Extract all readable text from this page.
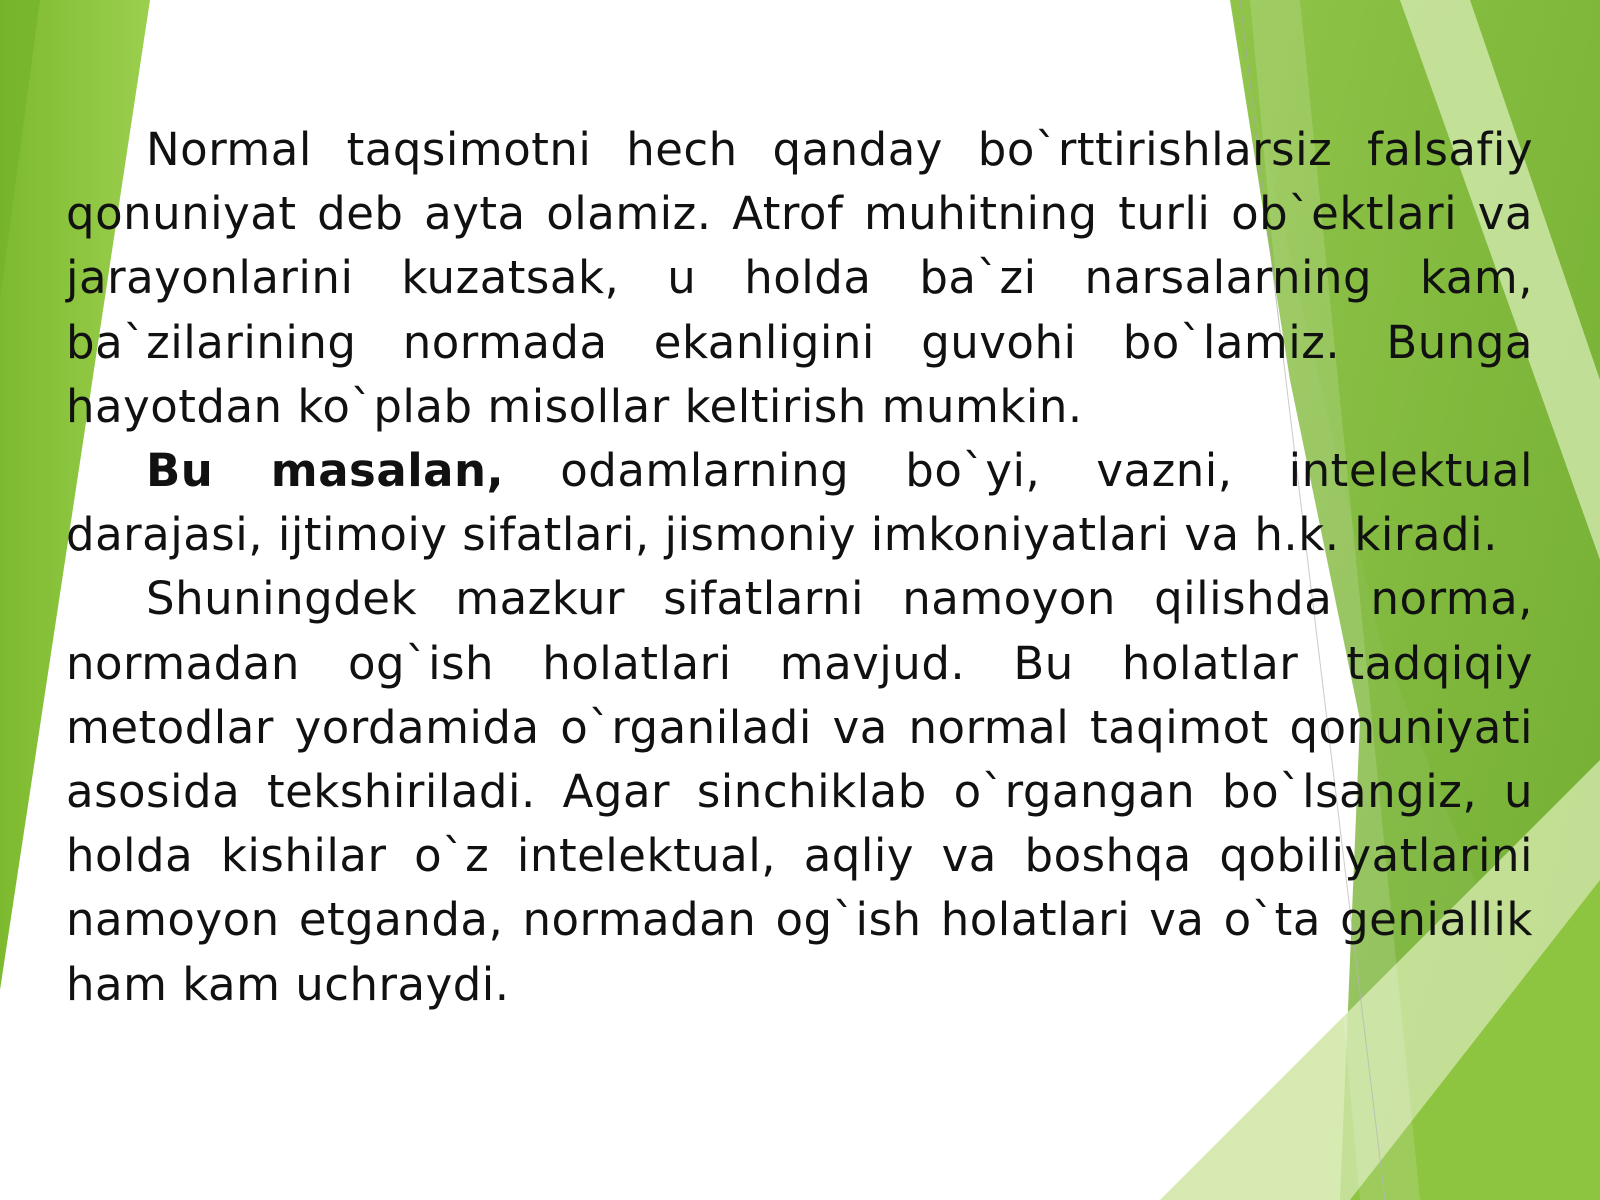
Normal taqsimotni hech qanday bo`rttirishlarsiz falsafiy qonuniyat deb ayta olamiz. Atrof muhitning turli ob`ektlari va jarayonlarini kuzatsak, u holda ba`zi narsalarning kam, ba`zilarining normada ekanligini guvohi bo`lamiz. Bunga hayotdan ko`plab misollar keltirish mumkin.

Bu masalan, odamlarning bo`yi, vazni, intelektual darajasi, ijtimoiy sifatlari, jismoniy imkoniyatlari va h.k. kiradi.

Shuningdek mazkur sifatlarni namoyon qilishda norma, normadan og`ish holatlari mavjud. Bu holatlar tadqiqiy metodlar yordamida o`rganiladi va normal taqimot qonuniyati asosida tekshiriladi. Agar sinchiklab o`rgangan bo`lsangiz, u holda kishilar o`z intelektual, aqliy va boshqa qobiliyatlarini namoyon etganda, normadan og`ish holatlari va o`ta geniallik ham kam uchraydi.
